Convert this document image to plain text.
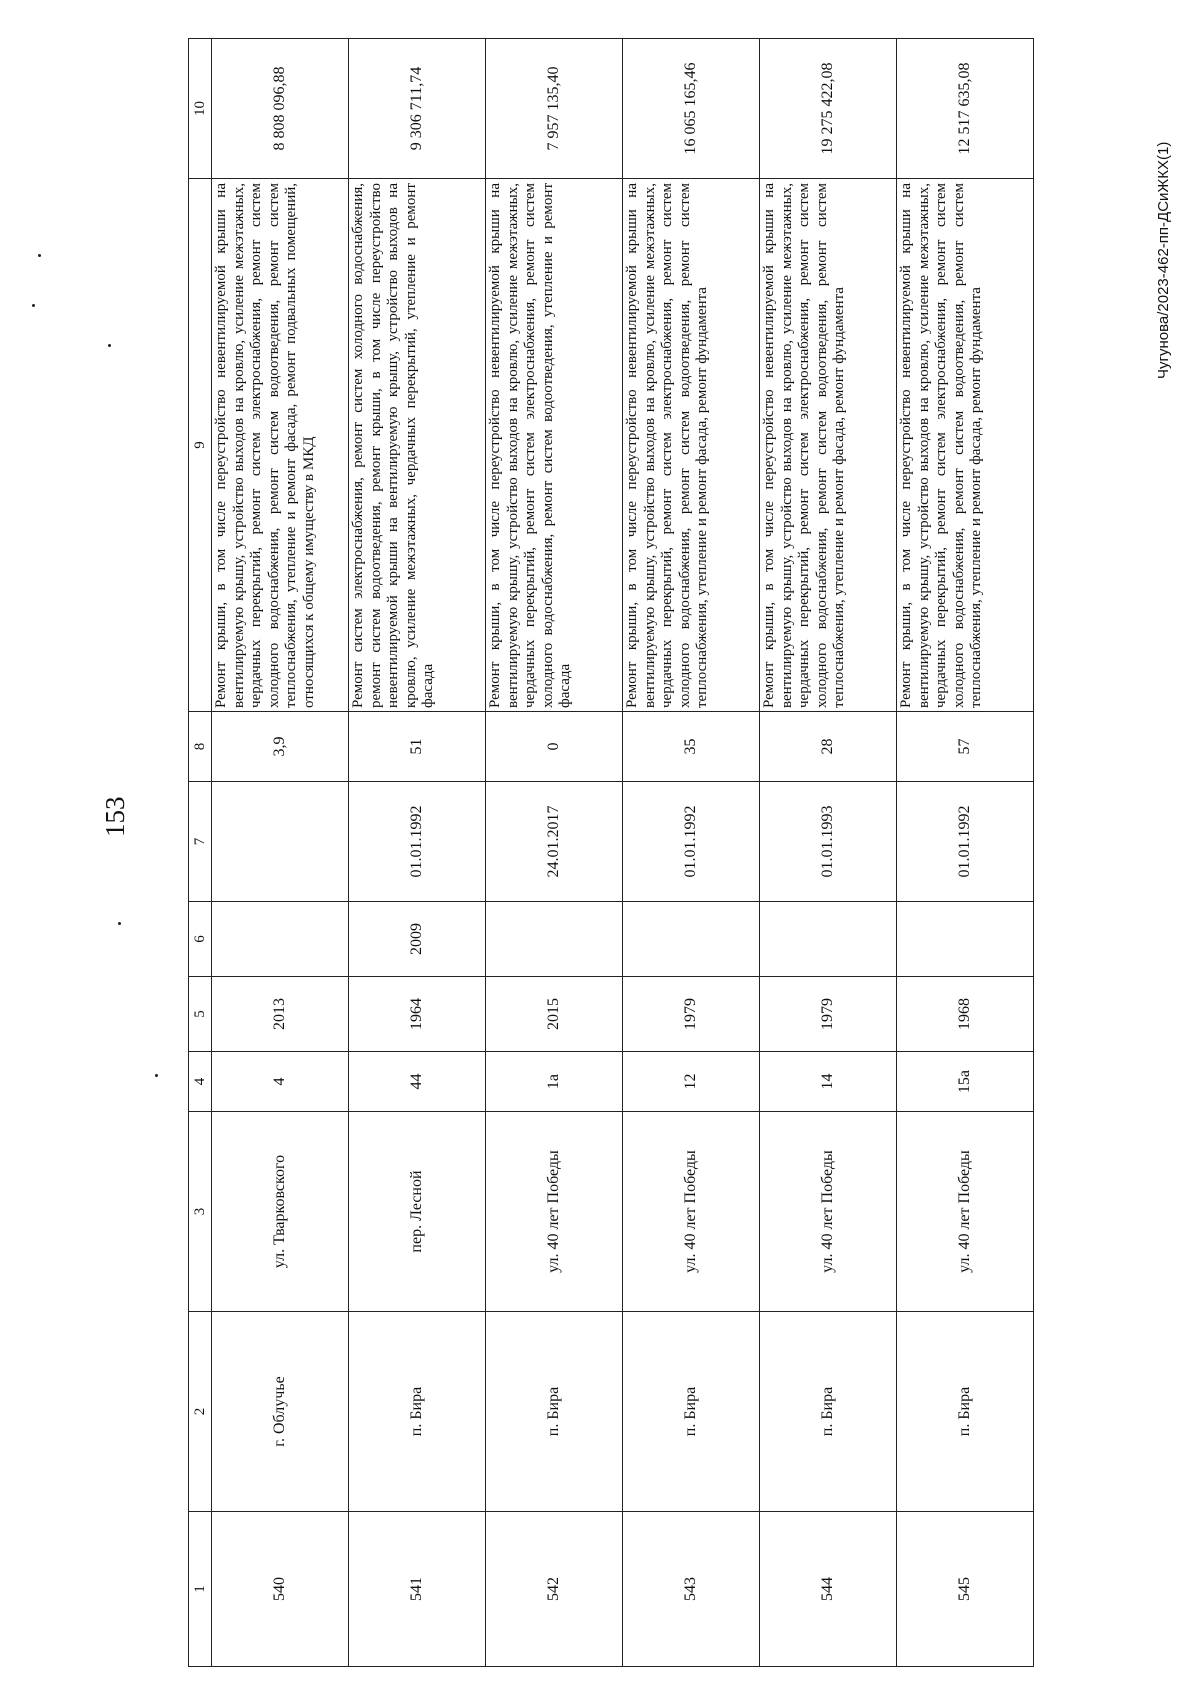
153
Чугунова/2023-462-пп-ДСиЖКХ(1)
1	2	3	4	5	6	7	8	9	10
540	г. Облучье	ул. Тварковского	4	2013			3,9	Ремонт крыши, в том числе переустройство невентилируемой крыши на вентилируемую крышу, устройство выходов на кровлю, усиление межэтажных, чердачных перекрытий, ремонт систем электроснабжения, ремонт систем холодного водоснабжения, ремонт систем водоотведения, ремонт систем теплоснабжения, утепление и ремонт фасада, ремонт подвальных помещений, относящихся к общему имуществу в МКД	8 808 096,88
541	п. Бира	пер. Лесной	44	1964	2009	01.01.1992	51	Ремонт систем электроснабжения, ремонт систем холодного водоснабжения, ремонт систем водоотведения, ремонт крыши, в том числе переустройство невентилируемой крыши на вентилируемую крышу, устройство выходов на кровлю, усиление межэтажных, чердачных перекрытий, утепление и ремонт фасада	9 306 711,74
542	п. Бира	ул. 40 лет Победы	1а	2015		24.01.2017	0	Ремонт крыши, в том числе переустройство невентилируемой крыши на вентилируемую крышу, устройство выходов на кровлю, усиление межэтажных, чердачных перекрытий, ремонт систем электроснабжения, ремонт систем холодного водоснабжения, ремонт систем водоотведения, утепление и ремонт фасада	7 957 135,40
543	п. Бира	ул. 40 лет Победы	12	1979		01.01.1992	35	Ремонт крыши, в том числе переустройство невентилируемой крыши на вентилируемую крышу, устройство выходов на кровлю, усиление межэтажных, чердачных перекрытий, ремонт систем электроснабжения, ремонт систем холодного водоснабжения, ремонт систем водоотведения, ремонт систем теплоснабжения, утепление и ремонт фасада, ремонт фундамента	16 065 165,46
544	п. Бира	ул. 40 лет Победы	14	1979		01.01.1993	28	Ремонт крыши, в том числе переустройство невентилируемой крыши на вентилируемую крышу, устройство выходов на кровлю, усиление межэтажных, чердачных перекрытий, ремонт систем электроснабжения, ремонт систем холодного водоснабжения, ремонт систем водоотведения, ремонт систем теплоснабжения, утепление и ремонт фасада, ремонт фундамента	19 275 422,08
545	п. Бира	ул. 40 лет Победы	15а	1968		01.01.1992	57	Ремонт крыши, в том числе переустройство невентилируемой крыши на вентилируемую крышу, устройство выходов на кровлю, усиление межэтажных, чердачных перекрытий, ремонт систем электроснабжения, ремонт систем холодного водоснабжения, ремонт систем водоотведения, ремонт систем теплоснабжения, утепление и ремонт фасада, ремонт фундамента	12 517 635,08
